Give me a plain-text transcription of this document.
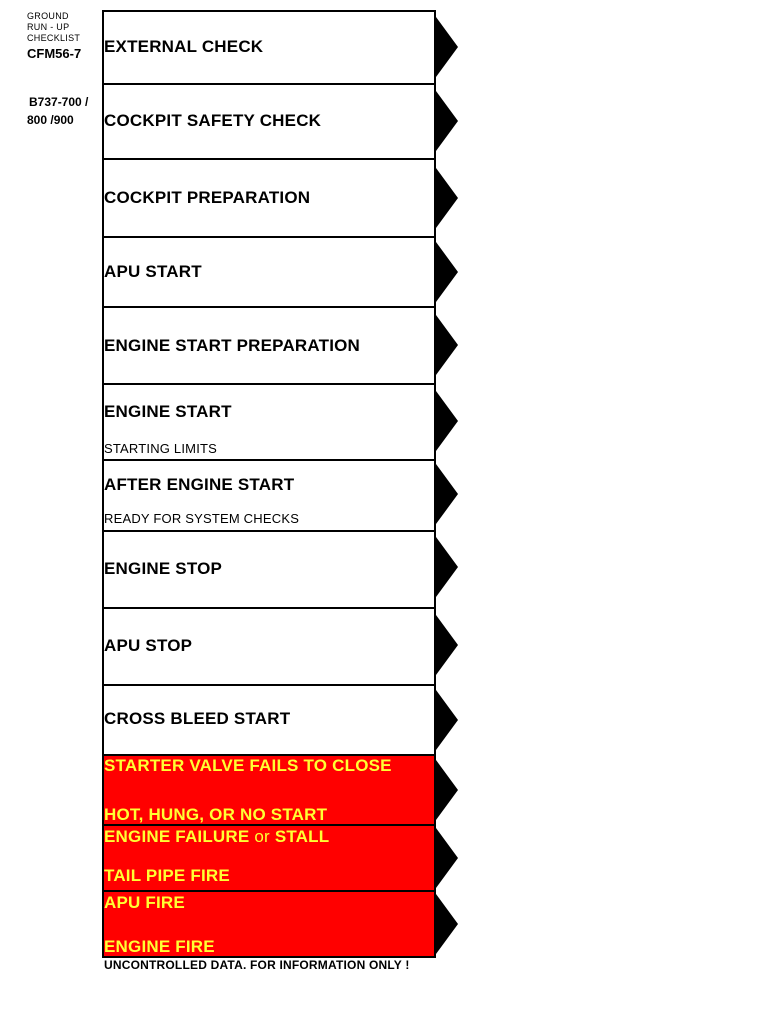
GROUND
RUN - UP
CHECKLIST
CFM56-7
B737-700 /
800 /900
EXTERNAL CHECK
COCKPIT SAFETY CHECK
COCKPIT PREPARATION
APU START
ENGINE START PREPARATION
ENGINE START
STARTING LIMITS
AFTER ENGINE START
READY FOR SYSTEM CHECKS
ENGINE STOP
APU STOP
CROSS BLEED START
STARTER VALVE FAILS TO CLOSE
HOT, HUNG, OR NO START
ENGINE FAILURE or STALL
TAIL PIPE FIRE
APU FIRE
ENGINE FIRE
UNCONTROLLED DATA. FOR INFORMATION ONLY !
